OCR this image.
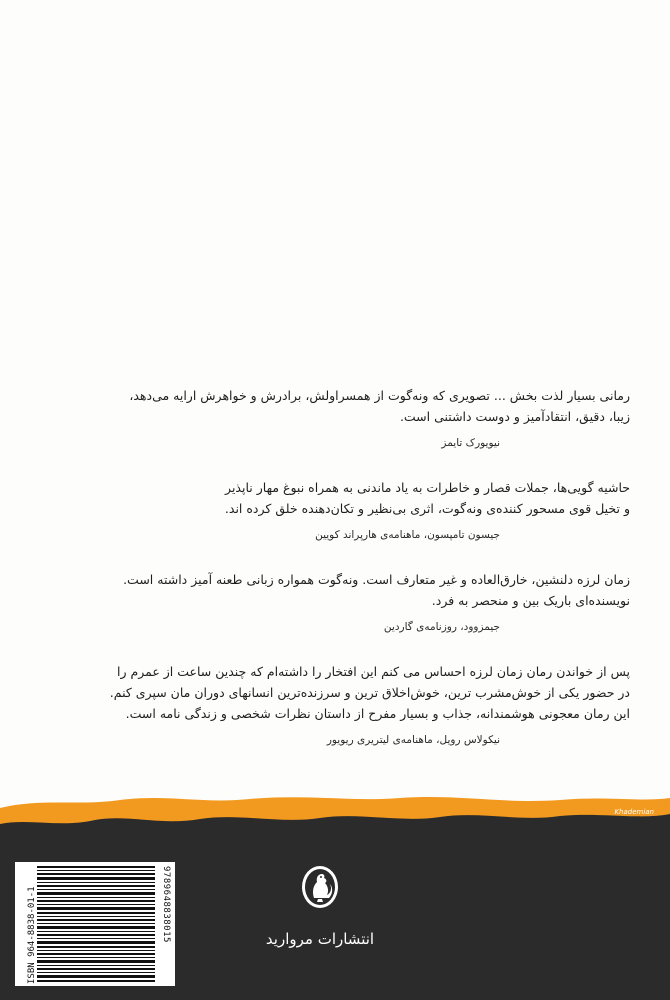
رمانی بسیار لذت بخش ... تصویری که ونه‌گوت از همسراولش، برادرش و خواهرش ارایه می‌دهد،
زیبا، دقیق، انتقادآمیز و دوست داشتنی است.

نیویورک تایمز

حاشیه گویی‌ها، جملات قصار و خاطرات به یاد ماندنی به همراه نبوغ مهار ناپذیر
و تخیل قوی مسحور کننده‌ی ونه‌گوت، اثری بی‌نظیر و تکان‌دهنده خلق کرده اند.

جیسون تامپسون، ماهنامه‌ی هارپراند کویین

زمان لرزه دلنشین، خارق‌العاده و غیر متعارف است. ونه‌گوت همواره زبانی طعنه آمیز داشته است.
نویسنده‌ای باریک بین و منحصر به فرد.

جیمزوود، روزنامه‌ی گاردین

پس از خواندن رمان زمان لرزه احساس می کنم این افتخار را داشته‌ام که چندین ساعت از عمرم را
در حضور یکی از خوش‌مشرب ترین، خوش‌اخلاق ترین و سرزنده‌ترین انسانهای دوران مان سپری کنم.
این رمان معجونی هوشمندانه، جذاب و بسیار مفرح از داستان نظرات شخصی و زندگی نامه است.

نیکولاس رویل، ماهنامه‌ی لیتریری ریویور

Khademian
ISBN 964-8838-01-1	9789648838015	انتشارات مروارید
